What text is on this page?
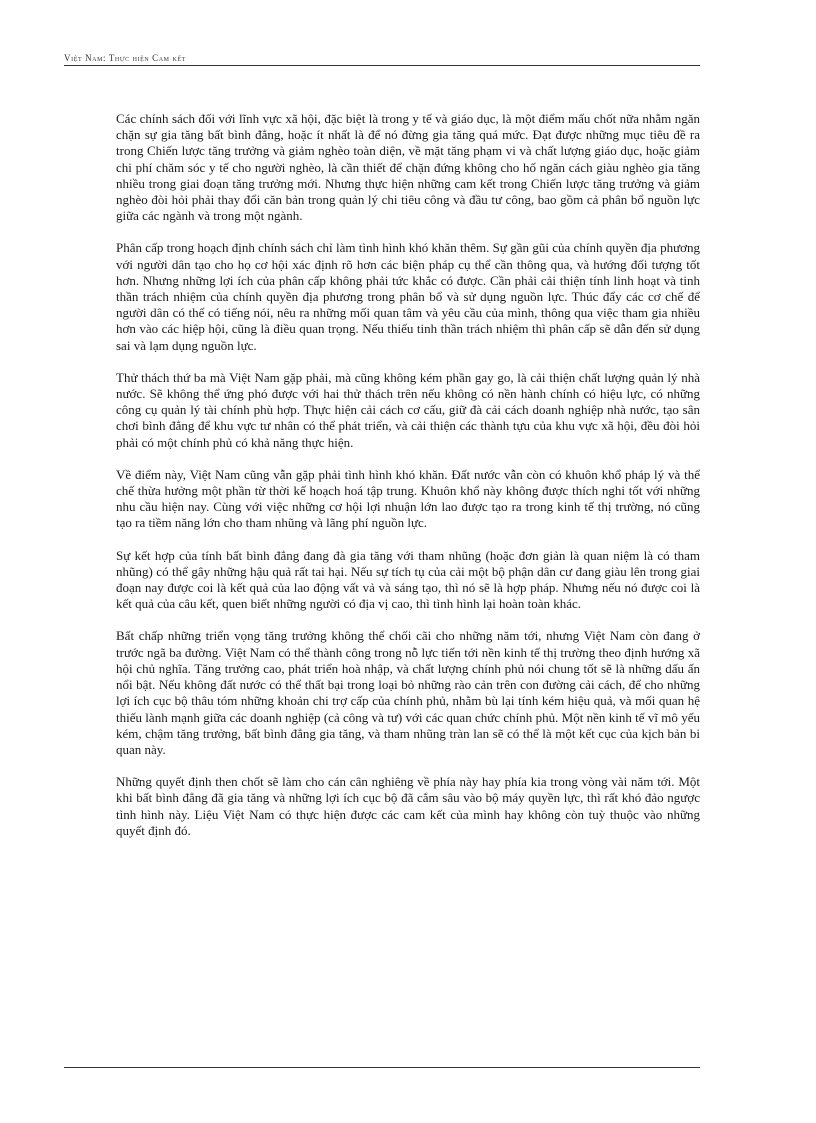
Việt Nam: Thực hiện Cam kết

Các chính sách đối với lĩnh vực xã hội, đặc biệt là trong y tế và giáo dục, là một điểm mấu chốt nữa nhằm ngăn chặn sự gia tăng bất bình đẳng, hoặc ít nhất là để nó đừng gia tăng quá mức. Đạt được những mục tiêu đề ra trong Chiến lược tăng trưởng và giảm nghèo toàn diện, về mặt tăng phạm vi và chất lượng giáo dục, hoặc giảm chi phí chăm sóc y tế cho người nghèo, là cần thiết để chặn đứng không cho hố ngăn cách giàu nghèo gia tăng nhiều trong giai đoạn tăng trưởng mới. Nhưng thực hiện những cam kết trong Chiến lược tăng trưởng và giảm nghèo đòi hỏi phải thay đổi căn bản trong quản lý chi tiêu công và đầu tư công, bao gồm cả phân bổ nguồn lực giữa các ngành và trong một ngành.

Phân cấp trong hoạch định chính sách chỉ làm tình hình khó khăn thêm. Sự gần gũi của chính quyền địa phương với người dân tạo cho họ cơ hội xác định rõ hơn các biện pháp cụ thể cần thông qua, và hướng đối tượng tốt hơn. Nhưng những lợi ích của phân cấp không phải tức khắc có được. Cần phải cải thiện tính linh hoạt và tinh thần trách nhiệm của chính quyền địa phương trong phân bổ và sử dụng nguồn lực. Thúc đẩy các cơ chế để người dân có thể có tiếng nói, nêu ra những mối quan tâm và yêu cầu của mình, thông qua việc tham gia nhiều hơn vào các hiệp hội, cũng là điều quan trọng. Nếu thiếu tinh thần trách nhiệm thì phân cấp sẽ dẫn đến sử dụng sai và lạm dụng nguồn lực.

Thử thách thứ ba mà Việt Nam gặp phải, mà cũng không kém phần gay go, là cải thiện chất lượng quản lý nhà nước. Sẽ không thể ứng phó được với hai thử thách trên nếu không có nền hành chính có hiệu lực, có những công cụ quản lý tài chính phù hợp. Thực hiện cải cách cơ cấu, giữ đà cải cách doanh nghiệp nhà nước, tạo sân chơi bình đẳng để khu vực tư nhân có thể phát triển, và cải thiện các thành tựu của khu vực xã hội, đều đòi hỏi phải có một chính phủ có khả năng thực hiện.

Về điểm này, Việt Nam cũng vẫn gặp phải tình hình khó khăn. Đất nước vẫn còn có khuôn khổ pháp lý và thể chế thừa hưởng một phần từ thời kế hoạch hoá tập trung. Khuôn khổ này không được thích nghi tốt với những nhu cầu hiện nay. Cùng với việc những cơ hội lợi nhuận lớn lao được tạo ra trong kinh tế thị trường, nó cũng tạo ra tiềm năng lớn cho tham nhũng và lãng phí nguồn lực.

Sự kết hợp của tính bất bình đẳng đang đà gia tăng với tham nhũng (hoặc đơn giản là quan niệm là có tham nhũng) có thể gây những hậu quả rất tai hại. Nếu sự tích tụ của cải một bộ phận dân cư đang giàu lên trong giai đoạn nay được coi là kết quả của lao động vất vả và sáng tạo, thì nó sẽ là hợp pháp. Nhưng nếu nó được coi là kết quả của câu kết, quen biết những người có địa vị cao, thì tình hình lại hoàn toàn khác.

Bất chấp những triển vọng tăng trưởng không thể chối cãi cho những năm tới, nhưng Việt Nam còn đang ở trước ngã ba đường. Việt Nam có thể thành công trong nỗ lực tiến tới nền kinh tế thị trường theo định hướng xã hội chủ nghĩa. Tăng trưởng cao, phát triển hoà nhập, và chất lượng chính phủ nói chung tốt sẽ là những dấu ấn nổi bật. Nếu không đất nước có thể thất bại trong loại bỏ những rào cản trên con đường cải cách, để cho những lợi ích cục bộ thâu tóm những khoản chi trợ cấp của chính phủ, nhằm bù lại tính kém hiệu quả, và mối quan hệ thiếu lành mạnh giữa các doanh nghiệp (cả công và tư) với các quan chức chính phủ. Một nền kinh tế vĩ mô yếu kém, chậm tăng trưởng, bất bình đẳng gia tăng, và tham nhũng tràn lan sẽ có thể là một kết cục của kịch bản bi quan này.

Những quyết định then chốt sẽ làm cho cán cân nghiêng về phía này hay phía kia trong vòng vài năm tới. Một khi bất bình đẳng đã gia tăng và những lợi ích cục bộ đã cắm sâu vào bộ máy quyền lực, thì rất khó đảo ngược tình hình này. Liệu Việt Nam có thực hiện được các cam kết của mình hay không còn tuỳ thuộc vào những quyết định đó.
